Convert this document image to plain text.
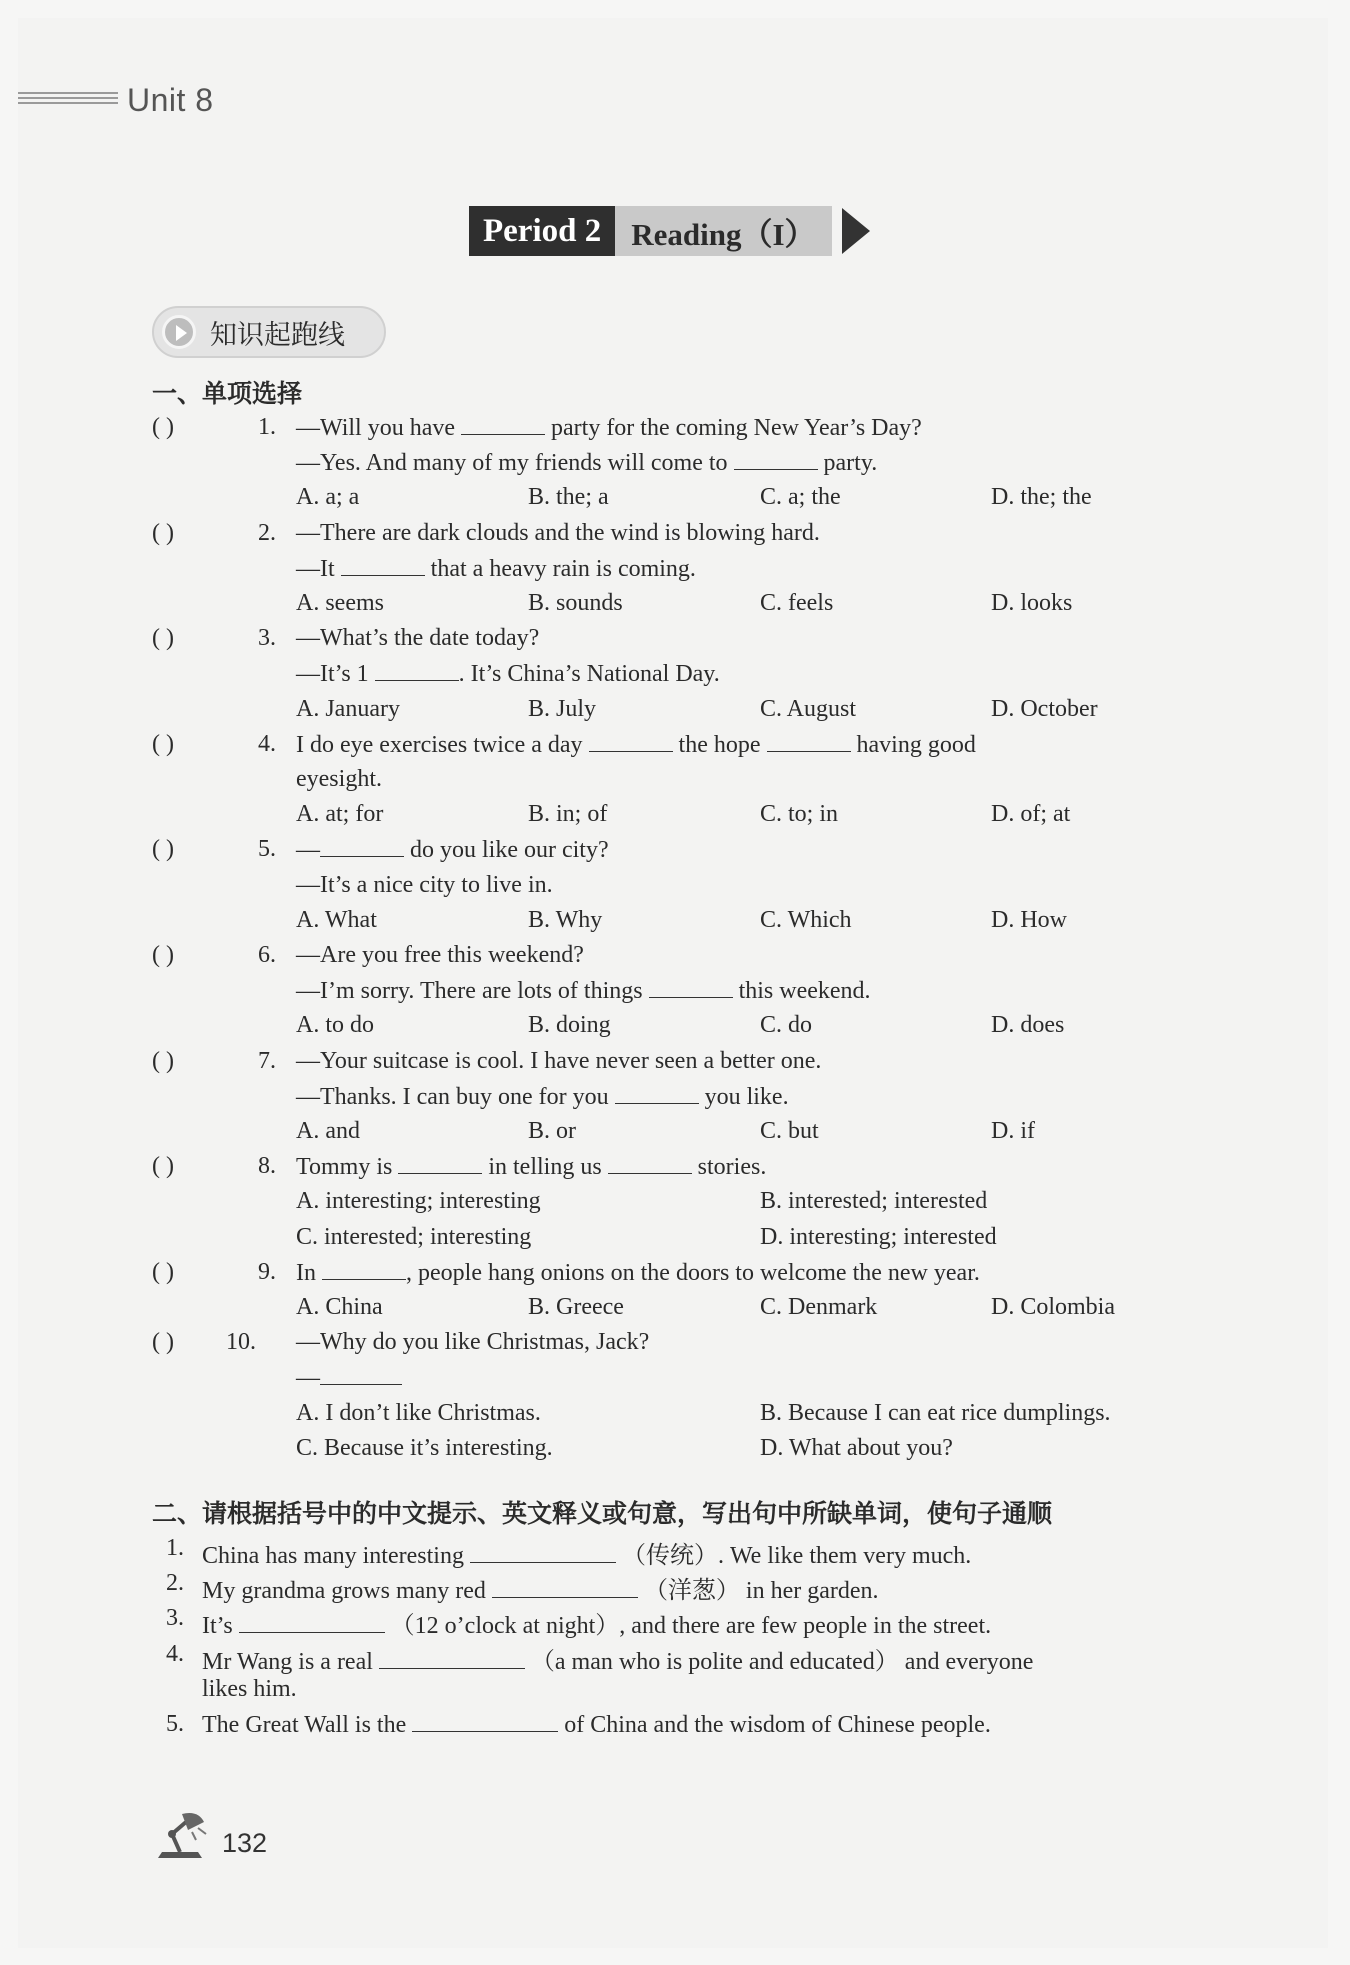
Unit 8
Period 2 Reading（I）
知识起跑线
一、单项选择
( )	1. —Will you have	party for the coming New Year’s Day?
—Yes. And many of my friends will come to	party.
A. a; a	B. the; a	C. a; the	D. the; the
( )	2. —There are dark clouds and the wind is blowing hard.
—It	that a heavy rain is coming.
A. seems	B. sounds	C. feels	D. looks
( )	3. —What’s the date today?
—It’s 1	. It’s China’s National Day.
A. January	B. July	C. August	D. October
( )	4. I do eye exercises twice a day	the hope	having good
eyesight.
A. at; for	B. in; of	C. to; in	D. of; at
( )	5. —	do you like our city?
—It’s a nice city to live in.
A. What	B. Why	C. Which	D. How
( )	6. —Are you free this weekend?
—I’m sorry. There are lots of things	this weekend.
A. to do	B. doing	C. do	D. does
( )	7. —Your suitcase is cool. I have never seen a better one.
—Thanks. I can buy one for you	you like.
A. and	B. or	C. but	D. if
( )	8. Tommy is	in telling us	stories.
A. interesting; interesting	B. interested; interested
C. interested; interesting	D. interesting; interested
( )	9. In	, people hang onions on the doors to welcome the new year.
A. China	B. Greece	C. Denmark	D. Colombia
( ) 10. —Why do you like Christmas, Jack?
—
A. I don’t like Christmas.	B. Because I can eat rice dumplings.
C. Because it’s interesting.	D. What about you?
二、请根据括号中的中文提示、英文释义或句意，写出句中所缺单词，使句子通顺
1. China has many interesting	（传统）. We like them very much.
2. My grandma grows many red	（洋葱） in her garden.
3. It’s	（12 o’clock at night）, and there are few people in the street.
4. Mr Wang is a real	（a man who is polite and educated） and everyone
likes him.
5. The Great Wall is the	of China and the wisdom of Chinese people.
132
